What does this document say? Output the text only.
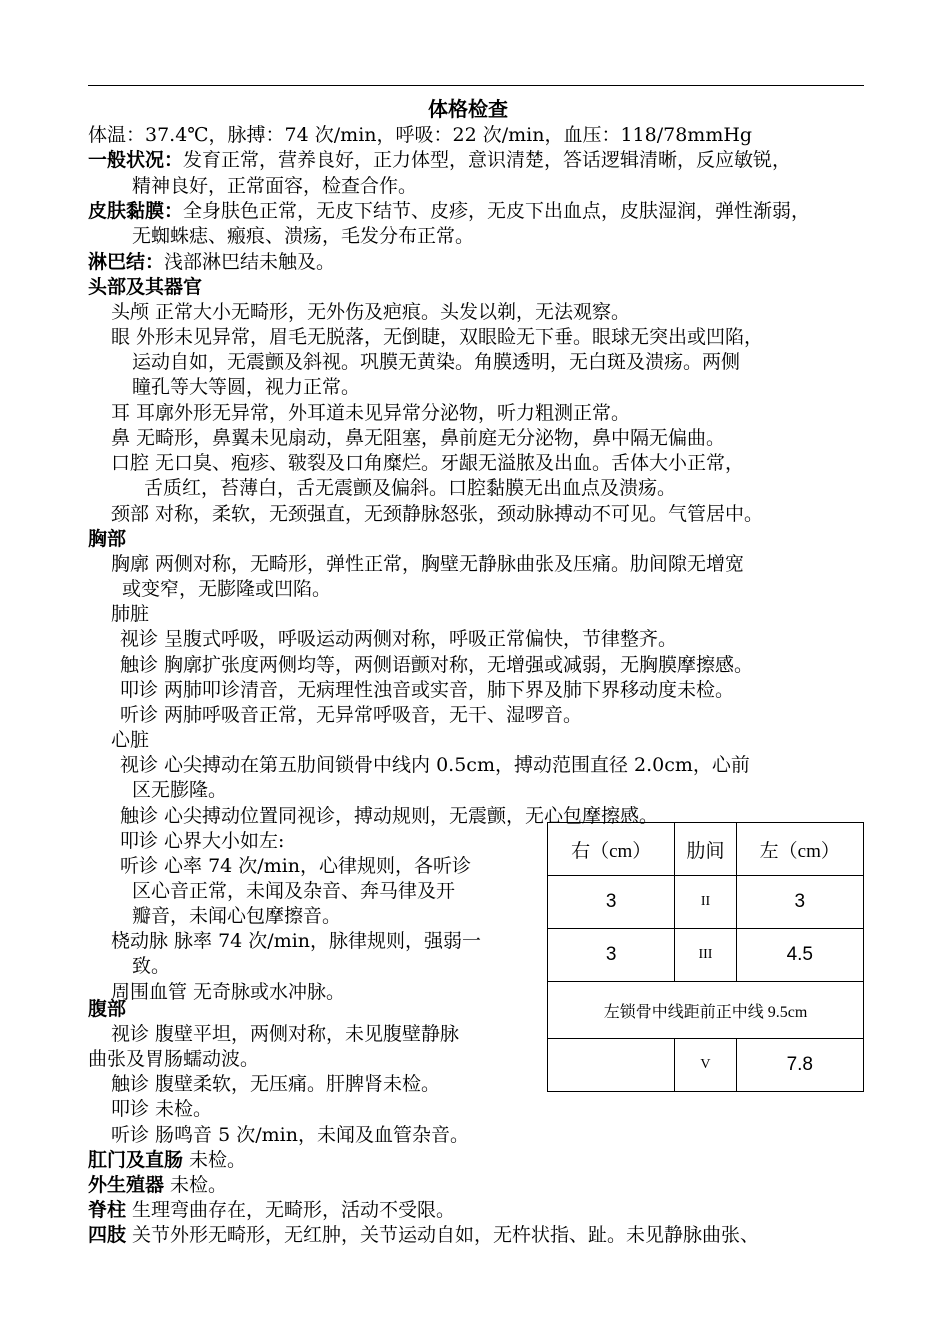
体格检查
体温：37.4℃，脉搏：74 次/min，呼吸：22 次/min，血压：118/78mmHg
一般状况：发育正常，营养良好，正力体型，意识清楚，答话逻辑清晰，反应敏锐，
精神良好，正常面容，检查合作。
皮肤黏膜：全身肤色正常，无皮下结节、皮疹，无皮下出血点，皮肤湿润，弹性渐弱，
无蜘蛛痣、瘢痕、溃疡，毛发分布正常。
淋巴结：浅部淋巴结未触及。
头部及其器官
头颅 正常大小无畸形，无外伤及疤痕。头发以剃，无法观察。
眼 外形未见异常，眉毛无脱落，无倒睫，双眼睑无下垂。眼球无突出或凹陷，
运动自如，无震颤及斜视。巩膜无黄染。角膜透明，无白斑及溃疡。两侧
瞳孔等大等圆，视力正常。
耳 耳廓外形无异常，外耳道未见异常分泌物，听力粗测正常。
鼻 无畸形，鼻翼未见扇动，鼻无阻塞，鼻前庭无分泌物，鼻中隔无偏曲。
口腔 无口臭、疱疹、皲裂及口角糜烂。牙龈无溢脓及出血。舌体大小正常，
舌质红，苔薄白，舌无震颤及偏斜。口腔黏膜无出血点及溃疡。
颈部 对称，柔软，无颈强直，无颈静脉怒张，颈动脉搏动不可见。气管居中。
胸部
胸廓 两侧对称，无畸形，弹性正常，胸壁无静脉曲张及压痛。肋间隙无增宽
或变窄，无膨隆或凹陷。
肺脏
视诊 呈腹式呼吸，呼吸运动两侧对称，呼吸正常偏快，节律整齐。
触诊 胸廓扩张度两侧均等，两侧语颤对称，无增强或减弱，无胸膜摩擦感。
叩诊 两肺叩诊清音，无病理性浊音或实音，肺下界及肺下界移动度未检。
听诊 两肺呼吸音正常，无异常呼吸音，无干、湿啰音。
心脏
视诊 心尖搏动在第五肋间锁骨中线内 0.5cm，搏动范围直径 2.0cm，心前
区无膨隆。
触诊 心尖搏动位置同视诊，搏动规则，无震颤，无心包摩擦感。
叩诊 心界大小如左:
听诊 心率 74 次/min，心律规则，各听诊
区心音正常，未闻及杂音、奔马律及开
瓣音，未闻心包摩擦音。
桡动脉 脉率 74 次/min，脉律规则，强弱一
致。
周围血管 无奇脉或水冲脉。
右（cm）	肋间	左（cm）
3	II	3
3	III	4.5
左锁骨中线距前正中线 9.5cm		
	V	7.8
腹部
视诊 腹壁平坦，两侧对称，未见腹壁静脉
曲张及胃肠蠕动波。
触诊 腹壁柔软，无压痛。肝脾肾未检。
叩诊 未检。
听诊 肠鸣音 5 次/min，未闻及血管杂音。
肛门及直肠 未检。
外生殖器 未检。
脊柱 生理弯曲存在，无畸形，活动不受限。
四肢 关节外形无畸形，无红肿，关节运动自如，无杵状指、趾。未见静脉曲张、
